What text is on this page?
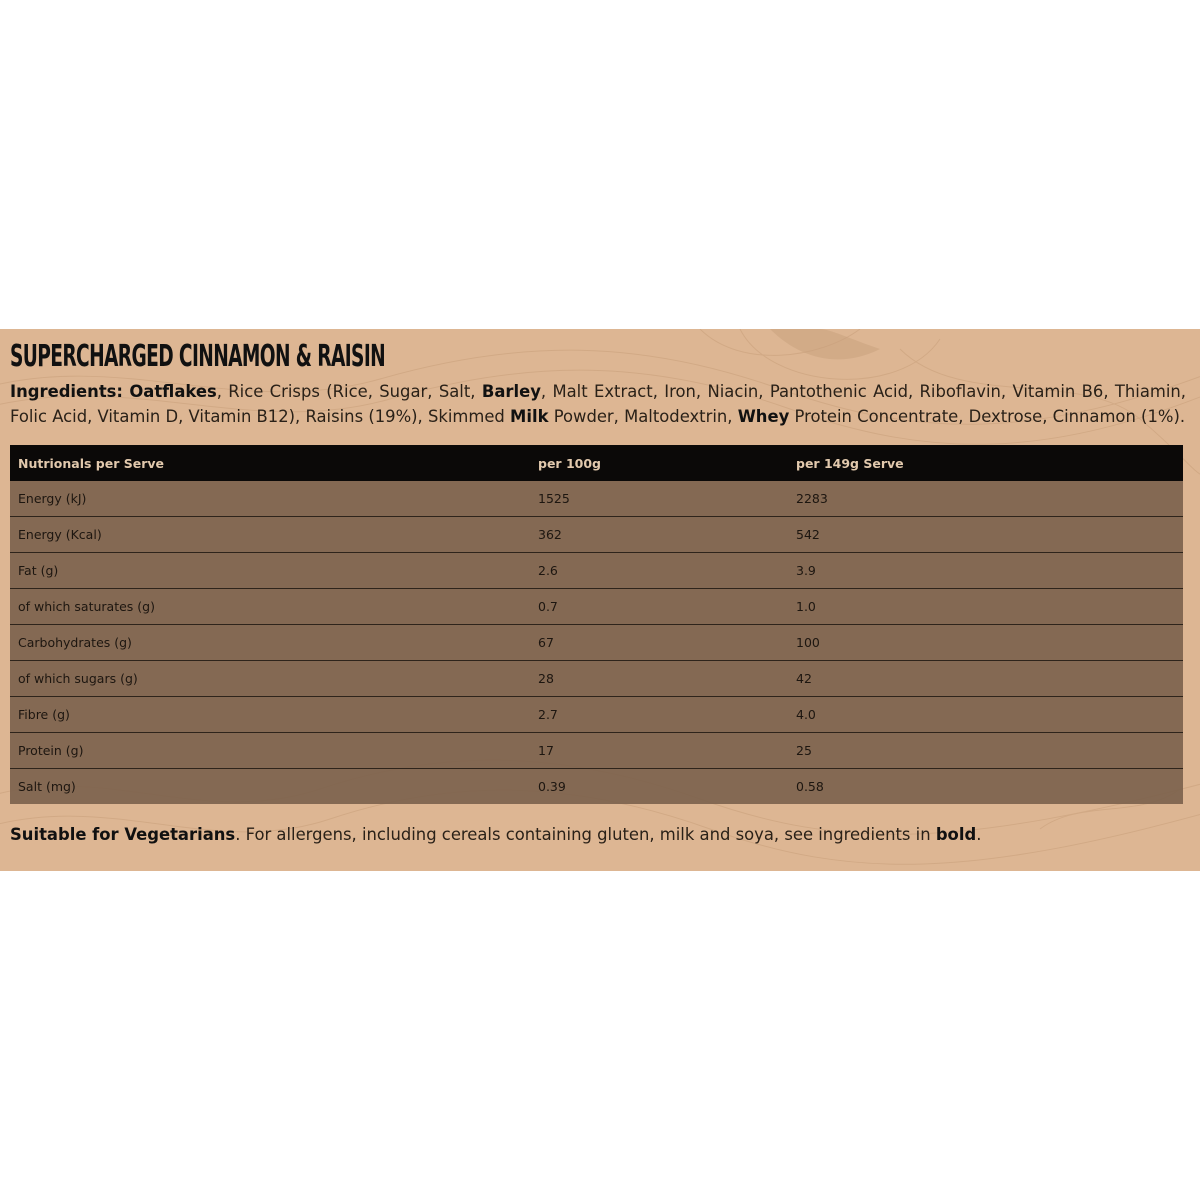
SUPERCHARGED CINNAMON & RAISIN

Ingredients: Oatflakes, Rice Crisps (Rice, Sugar, Salt, Barley, Malt Extract, Iron, Niacin, Pantothenic Acid, Riboflavin, Vitamin B6, Thiamin, Folic Acid, Vitamin D, Vitamin B12), Raisins (19%), Skimmed Milk Powder, Maltodextrin, Whey Protein Concentrate, Dextrose, Cinnamon (1%).

Nutrionals per Serve	per 100g	per 149g Serve
Energy (kJ)	1525	2283
Energy (Kcal)	362	542
Fat (g)	2.6	3.9
of which saturates (g)	0.7	1.0
Carbohydrates (g)	67	100
of which sugars (g)	28	42
Fibre (g)	2.7	4.0
Protein (g)	17	25
Salt (mg)	0.39	0.58

Suitable for Vegetarians. For allergens, including cereals containing gluten, milk and soya, see ingredients in bold.
